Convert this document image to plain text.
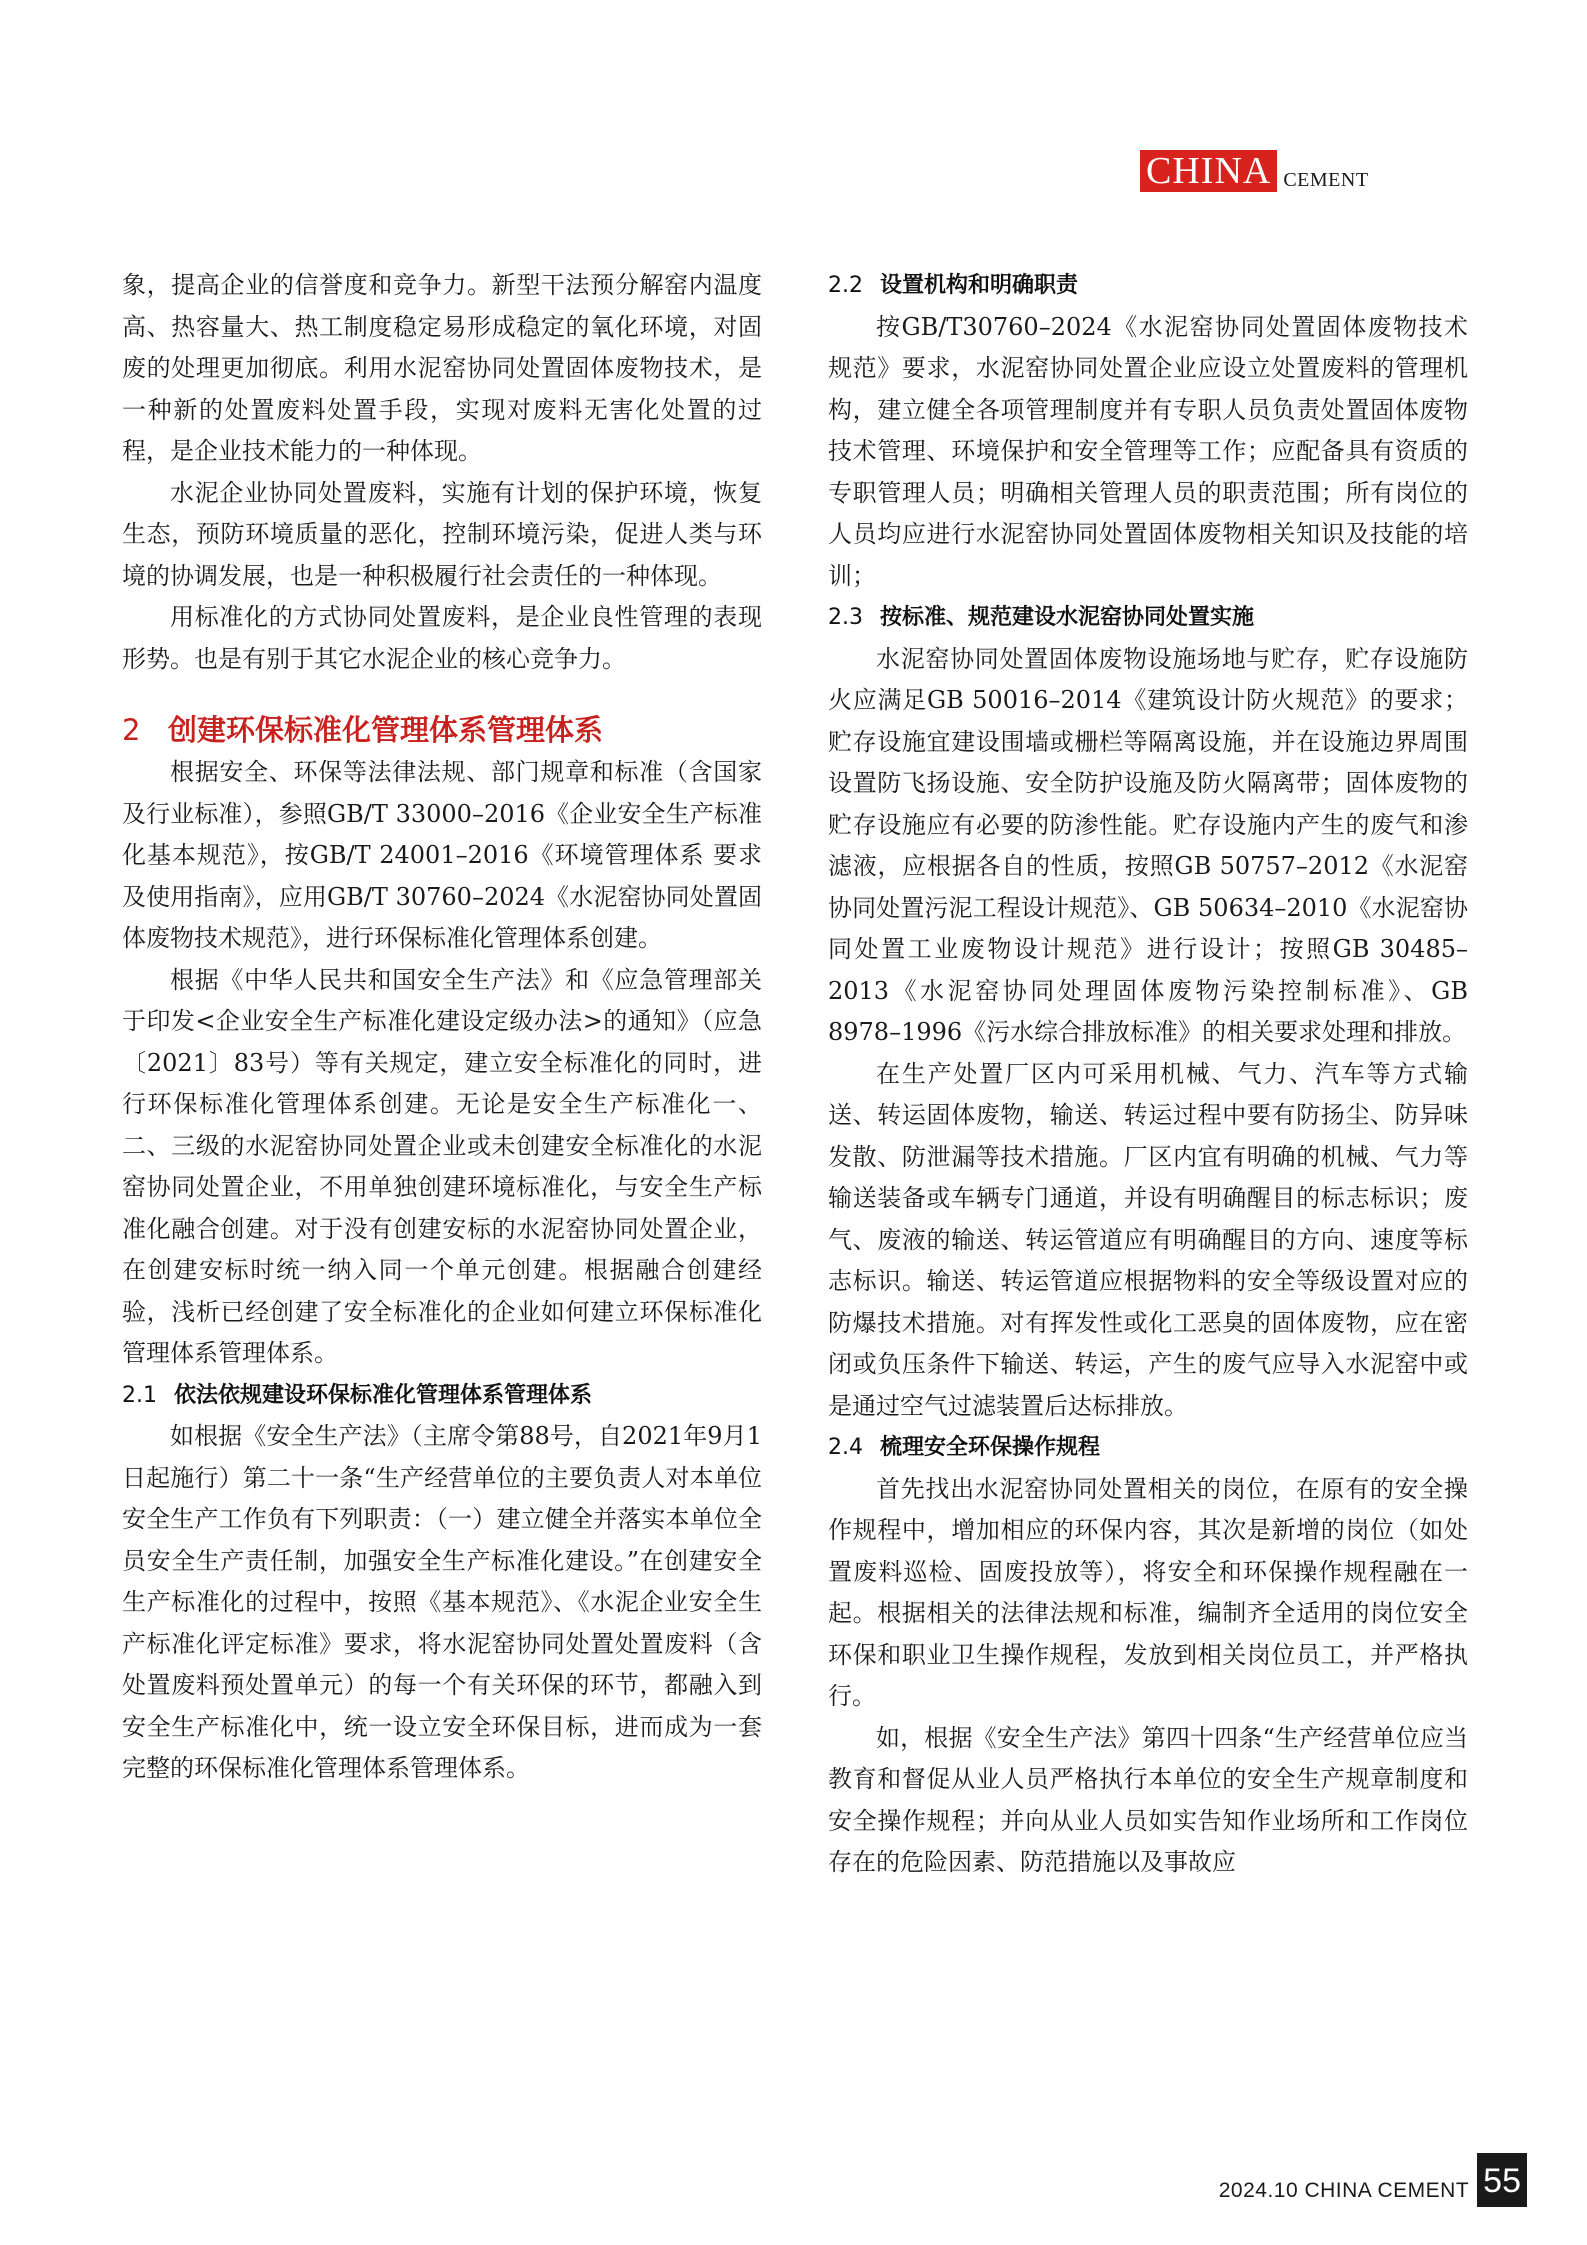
CHINA CEMENT

象，提高企业的信誉度和竞争力。新型干法预分解窑内温度高、热容量大、热工制度稳定易形成稳定的氧化环境，对固废的处理更加彻底。利用水泥窑协同处置固体废物技术，是一种新的处置废料处置手段，实现对废料无害化处置的过程，是企业技术能力的一种体现。

水泥企业协同处置废料，实施有计划的保护环境，恢复生态，预防环境质量的恶化，控制环境污染，促进人类与环境的协调发展，也是一种积极履行社会责任的一种体现。

用标准化的方式协同处置废料，是企业良性管理的表现形势。也是有别于其它水泥企业的核心竞争力。

2 创建环保标准化管理体系管理体系

根据安全、环保等法律法规、部门规章和标准（含国家及行业标准），参照GB/T 33000–2016《企业安全生产标准化基本规范》，按GB/T 24001–2016《环境管理体系 要求及使用指南》，应用GB/T 30760–2024《水泥窑协同处置固体废物技术规范》，进行环保标准化管理体系创建。

根据《中华人民共和国安全生产法》和《应急管理部关于印发<企业安全生产标准化建设定级办法>的通知》（应急〔2021〕83号）等有关规定，建立安全标准化的同时，进行环保标准化管理体系创建。无论是安全生产标准化一、二、三级的水泥窑协同处置企业或未创建安全标准化的水泥窑协同处置企业，不用单独创建环境标准化，与安全生产标准化融合创建。对于没有创建安标的水泥窑协同处置企业，在创建安标时统一纳入同一个单元创建。根据融合创建经验，浅析已经创建了安全标准化的企业如何建立环保标准化管理体系管理体系。

2.1 依法依规建设环保标准化管理体系管理体系

如根据《安全生产法》（主席令第88号，自2021年9月1日起施行）第二十一条“生产经营单位的主要负责人对本单位安全生产工作负有下列职责：（一）建立健全并落实本单位全员安全生产责任制，加强安全生产标准化建设。”在创建安全生产标准化的过程中，按照《基本规范》、《水泥企业安全生产标准化评定标准》要求，将水泥窑协同处置处置废料（含处置废料预处置单元）的每一个有关环保的环节，都融入到安全生产标准化中，统一设立安全环保目标，进而成为一套完整的环保标准化管理体系管理体系。

2.2 设置机构和明确职责

按GB/T30760–2024《水泥窑协同处置固体废物技术规范》要求，水泥窑协同处置企业应设立处置废料的管理机构，建立健全各项管理制度并有专职人员负责处置固体废物技术管理、环境保护和安全管理等工作；应配备具有资质的专职管理人员；明确相关管理人员的职责范围；所有岗位的人员均应进行水泥窑协同处置固体废物相关知识及技能的培训；

2.3 按标准、规范建设水泥窑协同处置实施

水泥窑协同处置固体废物设施场地与贮存，贮存设施防火应满足GB 50016–2014《建筑设计防火规范》的要求；贮存设施宜建设围墙或栅栏等隔离设施，并在设施边界周围设置防飞扬设施、安全防护设施及防火隔离带；固体废物的贮存设施应有必要的防渗性能。贮存设施内产生的废气和渗滤液，应根据各自的性质，按照GB 50757–2012《水泥窑协同处置污泥工程设计规范》、GB 50634–2010《水泥窑协同处置工业废物设计规范》进行设计；按照GB 30485–2013《水泥窑协同处理固体废物污染控制标准》、GB 8978–1996《污水综合排放标准》的相关要求处理和排放。

在生产处置厂区内可采用机械、气力、汽车等方式输送、转运固体废物，输送、转运过程中要有防扬尘、防异味发散、防泄漏等技术措施。厂区内宜有明确的机械、气力等输送装备或车辆专门通道，并设有明确醒目的标志标识；废气、废液的输送、转运管道应有明确醒目的方向、速度等标志标识。输送、转运管道应根据物料的安全等级设置对应的防爆技术措施。对有挥发性或化工恶臭的固体废物，应在密闭或负压条件下输送、转运，产生的废气应导入水泥窑中或是通过空气过滤装置后达标排放。

2.4 梳理安全环保操作规程

首先找出水泥窑协同处置相关的岗位，在原有的安全操作规程中，增加相应的环保内容，其次是新增的岗位（如处置废料巡检、固废投放等），将安全和环保操作规程融在一起。根据相关的法律法规和标准，编制齐全适用的岗位安全环保和职业卫生操作规程，发放到相关岗位员工，并严格执行。

如，根据《安全生产法》第四十四条“生产经营单位应当教育和督促从业人员严格执行本单位的安全生产规章制度和安全操作规程；并向从业人员如实告知作业场所和工作岗位存在的危险因素、防范措施以及事故应

2024.10 CHINA CEMENT 55
